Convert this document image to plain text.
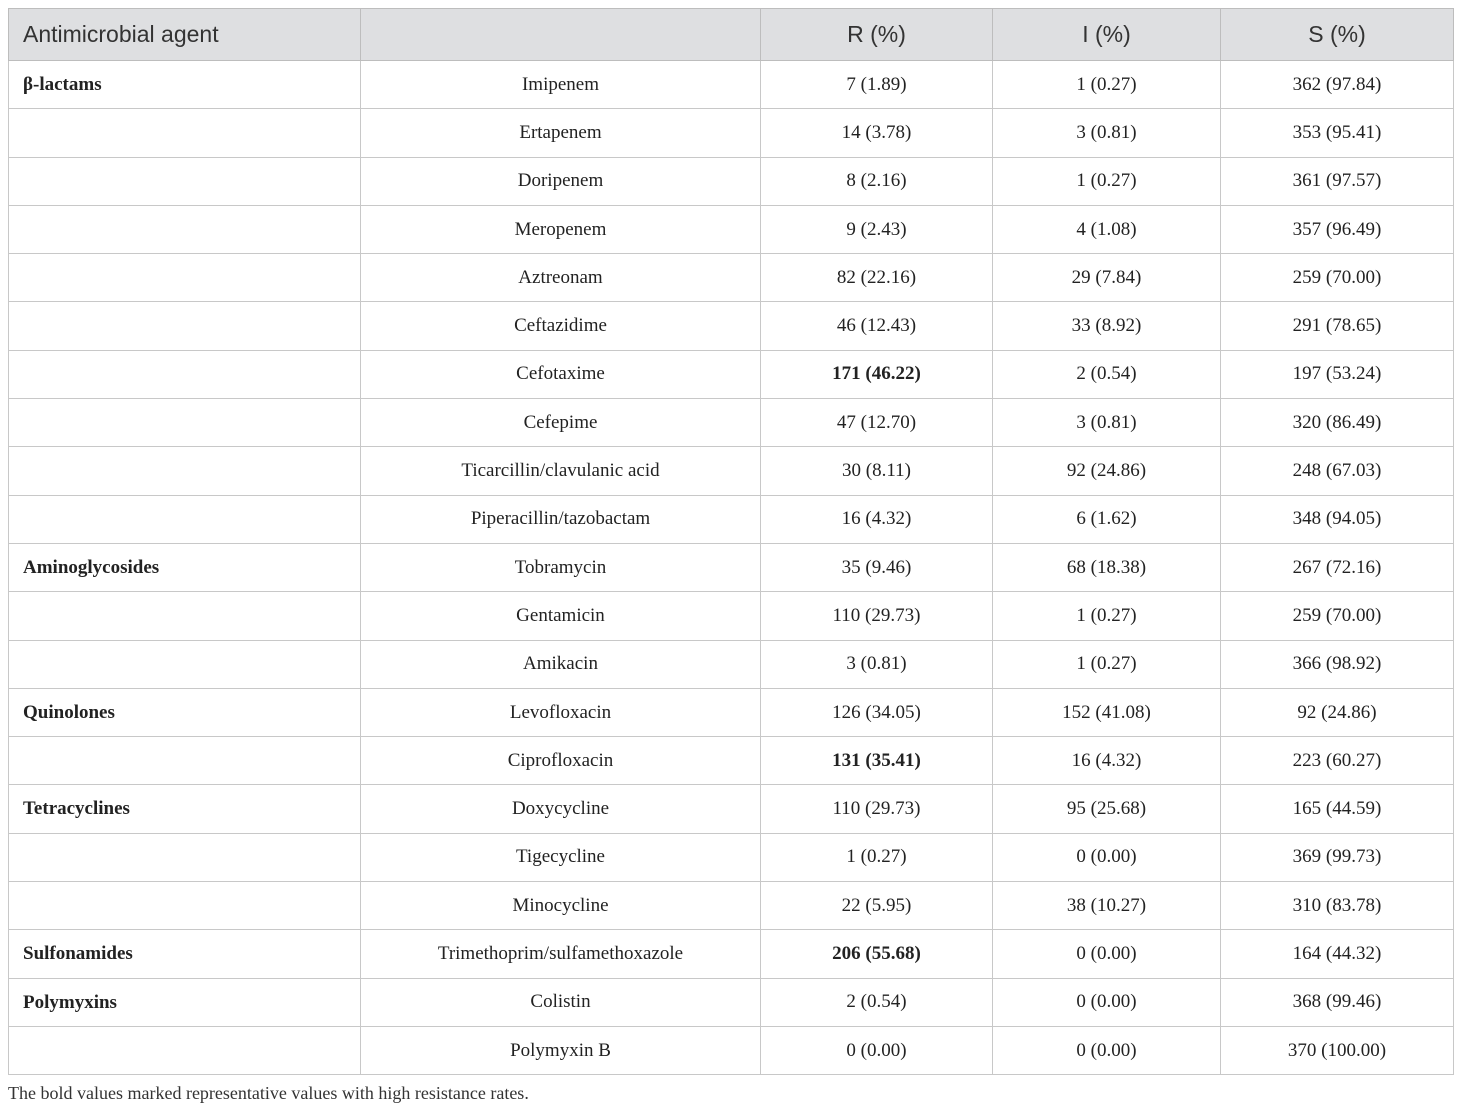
Antimicrobial agent		R (%)	I (%)	S (%)
β-lactams	Imipenem	7 (1.89)	1 (0.27)	362 (97.84)
	Ertapenem	14 (3.78)	3 (0.81)	353 (95.41)
	Doripenem	8 (2.16)	1 (0.27)	361 (97.57)
	Meropenem	9 (2.43)	4 (1.08)	357 (96.49)
	Aztreonam	82 (22.16)	29 (7.84)	259 (70.00)
	Ceftazidime	46 (12.43)	33 (8.92)	291 (78.65)
	Cefotaxime	171 (46.22)	2 (0.54)	197 (53.24)
	Cefepime	47 (12.70)	3 (0.81)	320 (86.49)
	Ticarcillin/clavulanic acid	30 (8.11)	92 (24.86)	248 (67.03)
	Piperacillin/tazobactam	16 (4.32)	6 (1.62)	348 (94.05)
Aminoglycosides	Tobramycin	35 (9.46)	68 (18.38)	267 (72.16)
	Gentamicin	110 (29.73)	1 (0.27)	259 (70.00)
	Amikacin	3 (0.81)	1 (0.27)	366 (98.92)
Quinolones	Levofloxacin	126 (34.05)	152 (41.08)	92 (24.86)
	Ciprofloxacin	131 (35.41)	16 (4.32)	223 (60.27)
Tetracyclines	Doxycycline	110 (29.73)	95 (25.68)	165 (44.59)
	Tigecycline	1 (0.27)	0 (0.00)	369 (99.73)
	Minocycline	22 (5.95)	38 (10.27)	310 (83.78)
Sulfonamides	Trimethoprim/sulfamethoxazole	206 (55.68)	0 (0.00)	164 (44.32)
Polymyxins	Colistin	2 (0.54)	0 (0.00)	368 (99.46)
	Polymyxin B	0 (0.00)	0 (0.00)	370 (100.00)
The bold values marked representative values with high resistance rates.
